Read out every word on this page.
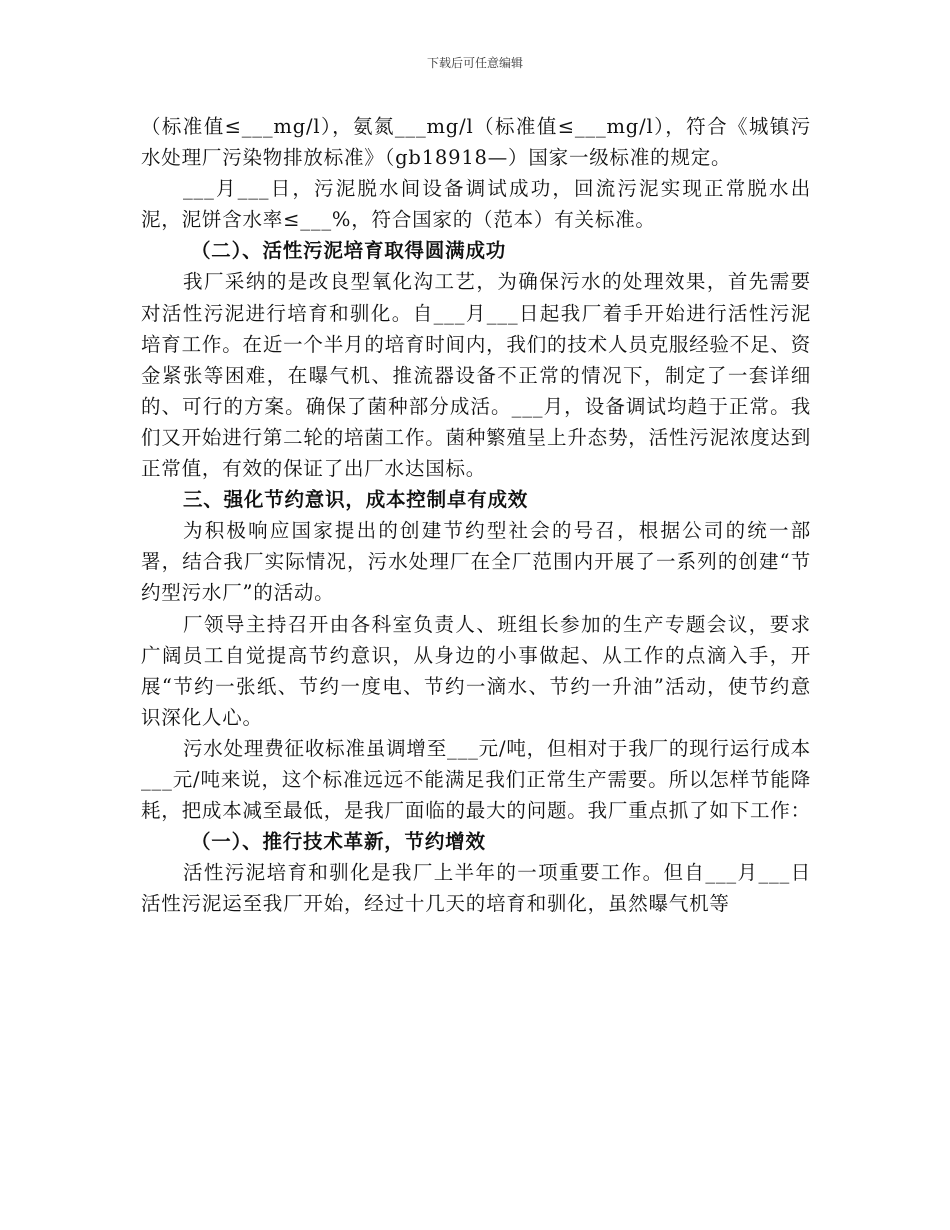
下载后可任意编辑

（标准值≤___mg/l），氨氮___mg/l（标准值≤___mg/l），符合《城镇污水处理厂污染物排放标准》（gb18918—）国家一级标准的规定。

___月___日，污泥脱水间设备调试成功，回流污泥实现正常脱水出泥，泥饼含水率≤___%，符合国家的（范本）有关标准。

（二）、活性污泥培育取得圆满成功

我厂采纳的是改良型氧化沟工艺，为确保污水的处理效果，首先需要对活性污泥进行培育和驯化。自___月___日起我厂着手开始进行活性污泥培育工作。在近一个半月的培育时间内，我们的技术人员克服经验不足、资金紧张等困难，在曝气机、推流器设备不正常的情况下，制定了一套详细的、可行的方案。确保了菌种部分成活。___月，设备调试均趋于正常。我们又开始进行第二轮的培菌工作。菌种繁殖呈上升态势，活性污泥浓度达到正常值，有效的保证了出厂水达国标。

三、强化节约意识，成本控制卓有成效

为积极响应国家提出的创建节约型社会的号召，根据公司的统一部署，结合我厂实际情况，污水处理厂在全厂范围内开展了一系列的创建“节约型污水厂”的活动。

厂领导主持召开由各科室负责人、班组长参加的生产专题会议，要求广阔员工自觉提高节约意识，从身边的小事做起、从工作的点滴入手，开展“节约一张纸、节约一度电、节约一滴水、节约一升油”活动，使节约意识深化人心。

污水处理费征收标准虽调增至___元/吨，但相对于我厂的现行运行成本___元/吨来说，这个标准远远不能满足我们正常生产需要。所以怎样节能降耗，把成本减至最低，是我厂面临的最大的问题。我厂重点抓了如下工作：

（一）、推行技术革新，节约增效

活性污泥培育和驯化是我厂上半年的一项重要工作。但自___月___日活性污泥运至我厂开始，经过十几天的培育和驯化，虽然曝气机等
